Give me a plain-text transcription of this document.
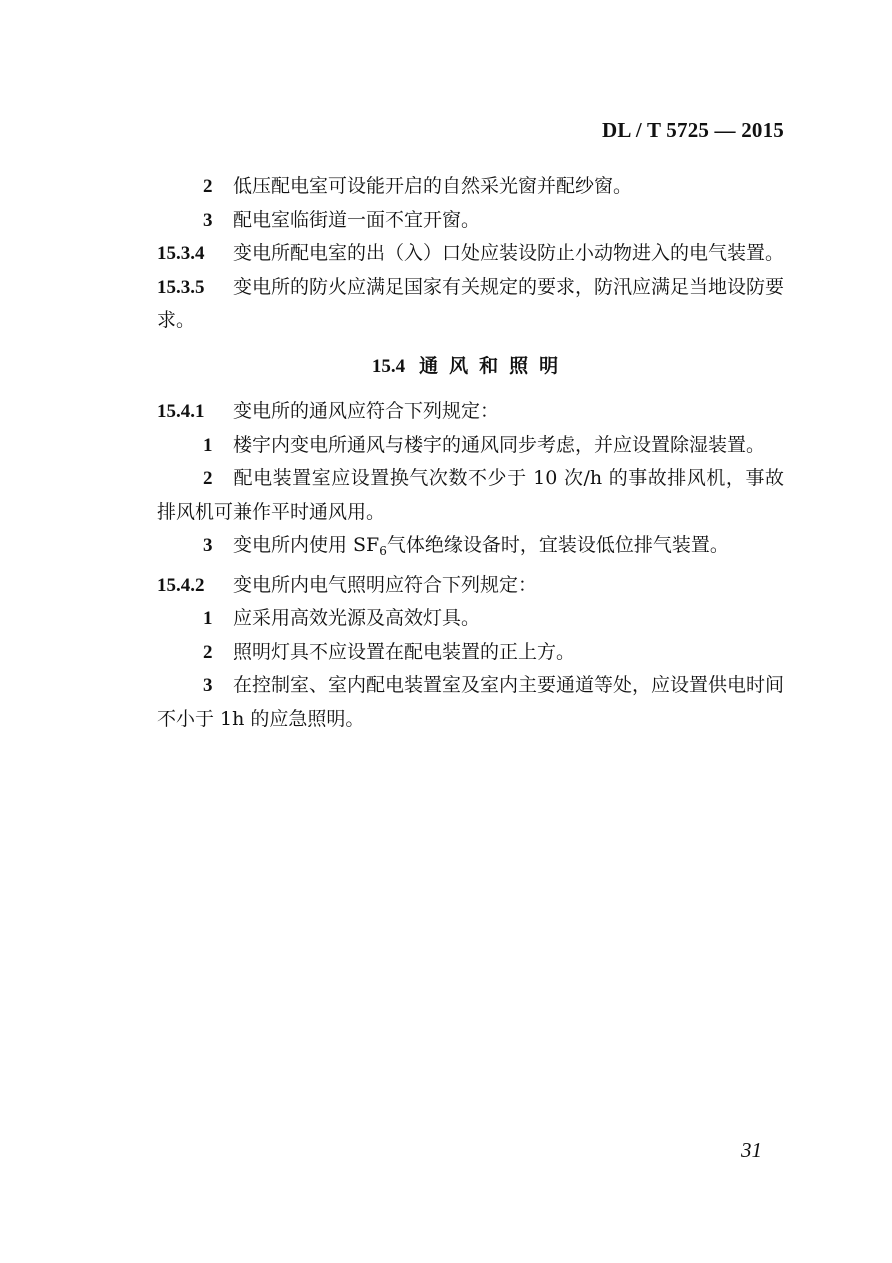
DL / T 5725 — 2015

2 低压配电室可设能开启的自然采光窗并配纱窗。

3 配电室临街道一面不宜开窗。

15.3.4 变电所配电室的出（入）口处应装设防止小动物进入的电气装置。

15.3.5 变电所的防火应满足国家有关规定的要求，防汛应满足当地设防要求。

15.4 通风和照明

15.4.1 变电所的通风应符合下列规定：

1 楼宇内变电所通风与楼宇的通风同步考虑，并应设置除湿装置。

2 配电装置室应设置换气次数不少于 10 次/h 的事故排风机，事故排风机可兼作平时通风用。

3 变电所内使用 $SF_6$气体绝缘设备时，宜装设低位排气装置。

15.4.2 变电所内电气照明应符合下列规定：

1 应采用高效光源及高效灯具。

2 照明灯具不应设置在配电装置的正上方。

3 在控制室、室内配电装置室及室内主要通道等处，应设置供电时间不小于 1h 的应急照明。

31
